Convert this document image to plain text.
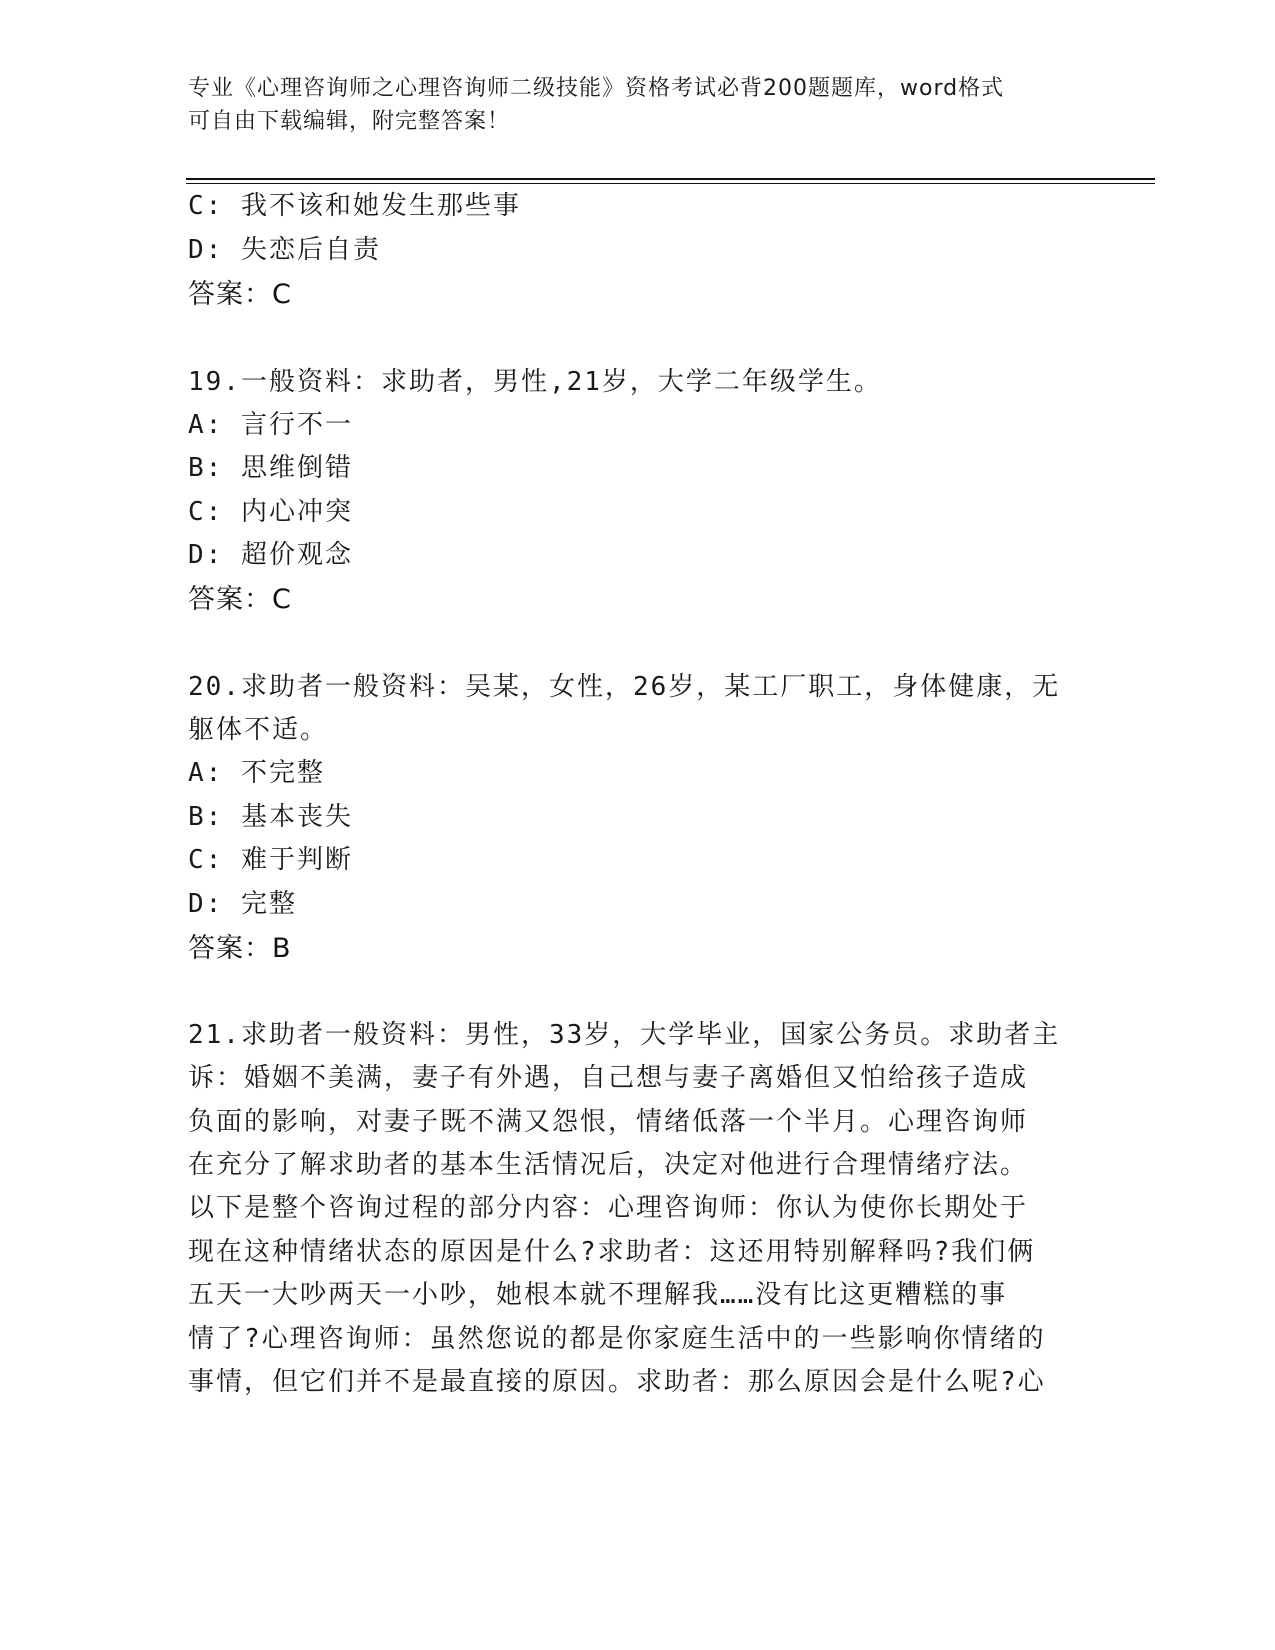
专业《心理咨询师之心理咨询师二级技能》资格考试必背200题题库，word格式
可自由下载编辑，附完整答案！
C: 我不该和她发生那些事
D: 失恋后自责
答案：C
19.一般资料：求助者，男性,21岁，大学二年级学生。
A: 言行不一
B: 思维倒错
C: 内心冲突
D: 超价观念
答案：C
20.求助者一般资料：吴某，女性，26岁，某工厂职工，身体健康，无
躯体不适。
A: 不完整
B: 基本丧失
C: 难于判断
D: 完整
答案：B
21.求助者一般资料：男性，33岁，大学毕业，国家公务员。求助者主
诉：婚姻不美满，妻子有外遇，自己想与妻子离婚但又怕给孩子造成
负面的影响，对妻子既不满又怨恨，情绪低落一个半月。心理咨询师
在充分了解求助者的基本生活情况后，决定对他进行合理情绪疗法。
以下是整个咨询过程的部分内容：心理咨询师：你认为使你长期处于
现在这种情绪状态的原因是什么?求助者：这还用特别解释吗?我们俩
五天一大吵两天一小吵，她根本就不理解我……没有比这更糟糕的事
情了?心理咨询师：虽然您说的都是你家庭生活中的一些影响你情绪的
事情，但它们并不是最直接的原因。求助者：那么原因会是什么呢?心
